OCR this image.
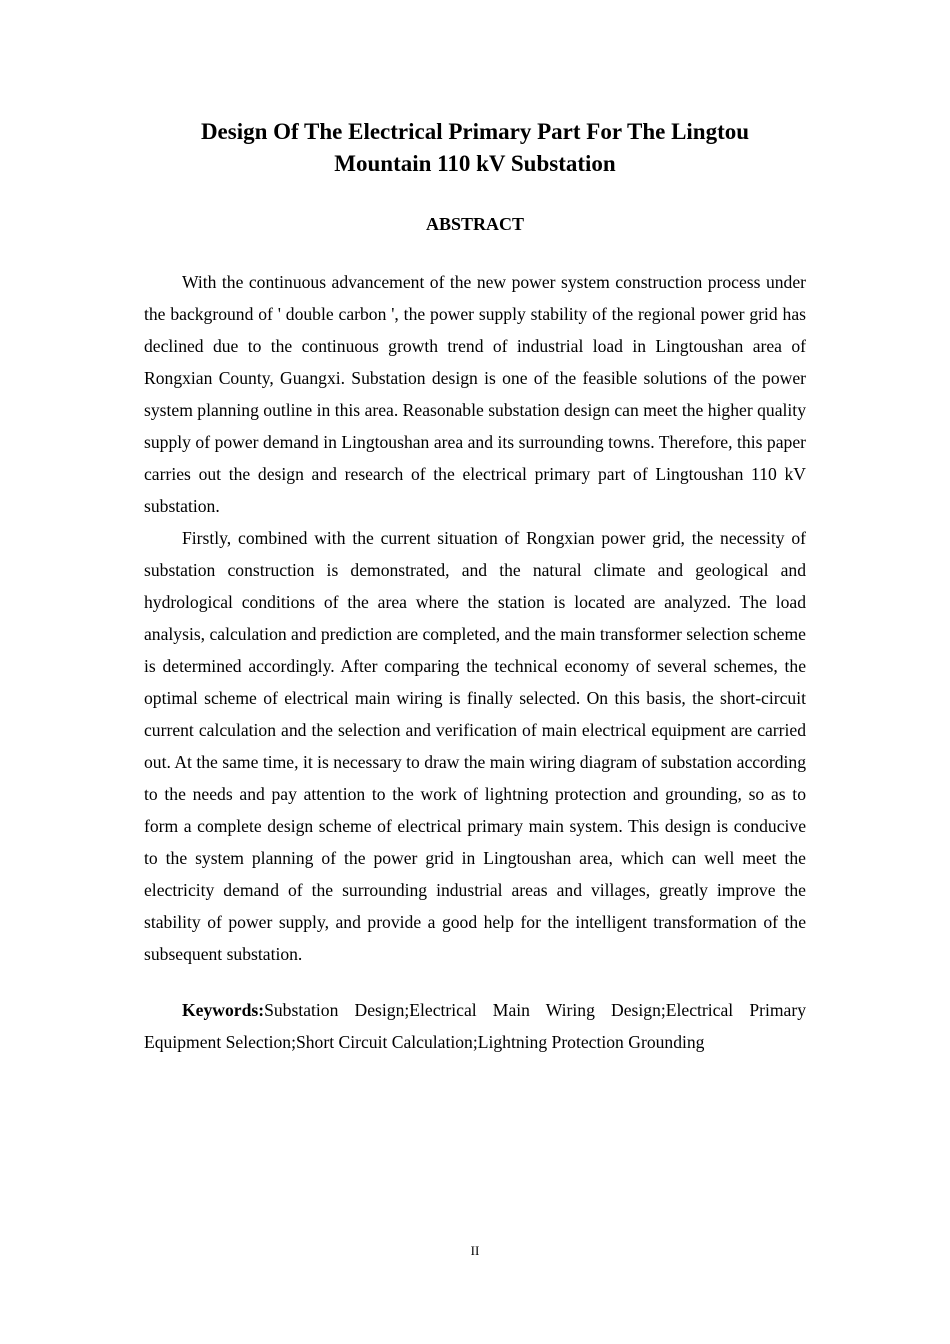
Design Of The Electrical Primary Part For The Lingtou
Mountain 110 kV Substation
ABSTRACT

With the continuous advancement of the new power system construction process under the background of ' double carbon ', the power supply stability of the regional power grid has declined due to the continuous growth trend of industrial load in Lingtoushan area of Rongxian County, Guangxi. Substation design is one of the feasible solutions of the power system planning outline in this area. Reasonable substation design can meet the higher quality supply of power demand in Lingtoushan area and its surrounding towns. Therefore, this paper carries out the design and research of the electrical primary part of Lingtoushan 110 kV substation.

Firstly, combined with the current situation of Rongxian power grid, the necessity of substation construction is demonstrated, and the natural climate and geological and hydrological conditions of the area where the station is located are analyzed. The load analysis, calculation and prediction are completed, and the main transformer selection scheme is determined accordingly. After comparing the technical economy of several schemes, the optimal scheme of electrical main wiring is finally selected. On this basis, the short-circuit current calculation and the selection and verification of main electrical equipment are carried out. At the same time, it is necessary to draw the main wiring diagram of substation according to the needs and pay attention to the work of lightning protection and grounding, so as to form a complete design scheme of electrical primary main system. This design is conducive to the system planning of the power grid in Lingtoushan area, which can well meet the electricity demand of the surrounding industrial areas and villages, greatly improve the stability of power supply, and provide a good help for the intelligent transformation of the subsequent substation.

Keywords:Substation Design;Electrical Main Wiring Design;Electrical Primary Equipment Selection;Short Circuit Calculation;Lightning Protection Grounding

II
